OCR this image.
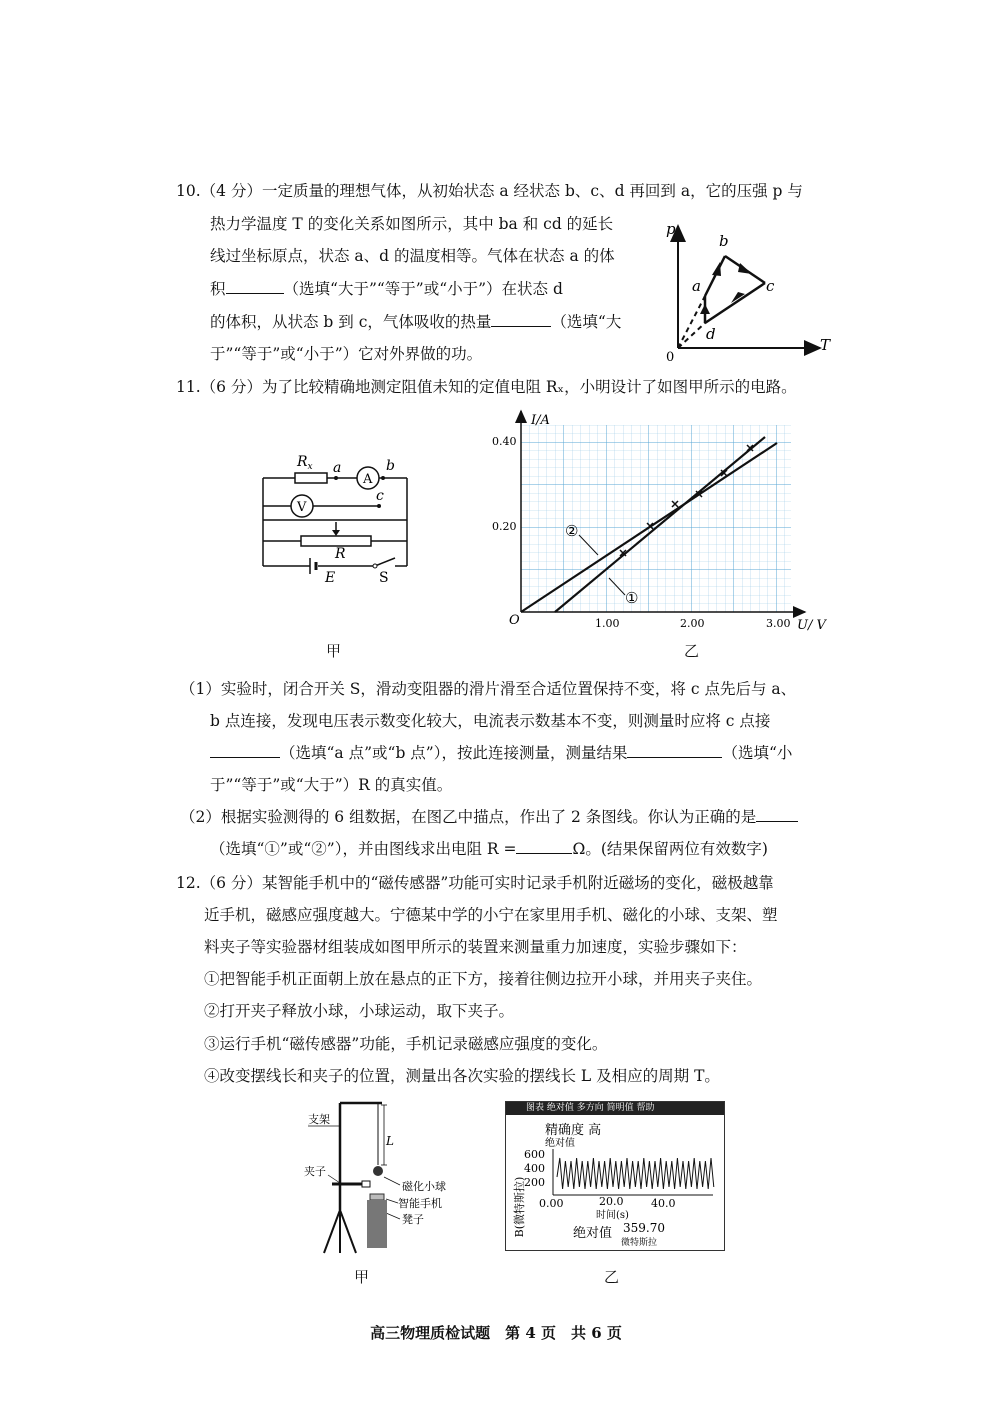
10.（4 分）一定质量的理想气体，从初始状态 a 经状态 b、c、d 再回到 a，它的压强 p 与
热力学温度 T 的变化关系如图所示，其中 ba 和 cd 的延长
线过坐标原点，状态 a、d 的温度相等。气体在状态 a 的体
积	（选填“大于”“等于”或“小于”）在状态 d
的体积，从状态 b 到 c，气体吸收的热量	（选填“大
于”“等于”或“小于”）它对外界做的功。
p
T
0
a
b
c
d
11.（6 分）为了比较精确地测定阻值未知的定值电阻 Rₓ，小明设计了如图甲所示的电路。
$R_x$ a	b
c
A
V
R
E	S
甲
②
①
I/A
U/ V
O
0.40
0.20
1.00	2.00	3.00
乙
（1）实验时，闭合开关 S，滑动变阻器的滑片滑至合适位置保持不变，将 c 点先后与 a、
b 点连接，发现电压表示数变化较大，电流表示数基本不变，则测量时应将 c 点接
（选填“a 点”或“b 点”），按此连接测量，测量结果	（选填“小
于”“等于”或“大于”）R 的真实值。
（2）根据实验测得的 6 组数据，在图乙中描点，作出了 2 条图线。你认为正确的是
（选填“①”或“②”），并由图线求出电阻 R =	Ω。(结果保留两位有效数字)
12.（6 分）某智能手机中的“磁传感器”功能可实时记录手机附近磁场的变化，磁极越靠
近手机，磁感应强度越大。宁德某中学的小宁在家里用手机、磁化的小球、支架、塑
料夹子等实验器材组装成如图甲所示的装置来测量重力加速度，实验步骤如下：
①把智能手机正面朝上放在悬点的正下方，接着往侧边拉开小球，并用夹子夹住。
②打开夹子释放小球，小球运动，取下夹子。
③运行手机“磁传感器”功能，手机记录磁感应强度的变化。
④改变摆线长和夹子的位置，测量出各次实验的摆线长 L 及相应的周期 T。
支架
L
夹子
磁化小球
智能手机
凳子
甲
图表 绝对值 多方向 简明值 帮助
精确度 高
绝对值
B(微特斯拉)
600
400
200
0.00	20.0	40.0
时间(s)
绝对值 359.70
微特斯拉
乙
高三物理质检试题　第 4 页　共 6 页
